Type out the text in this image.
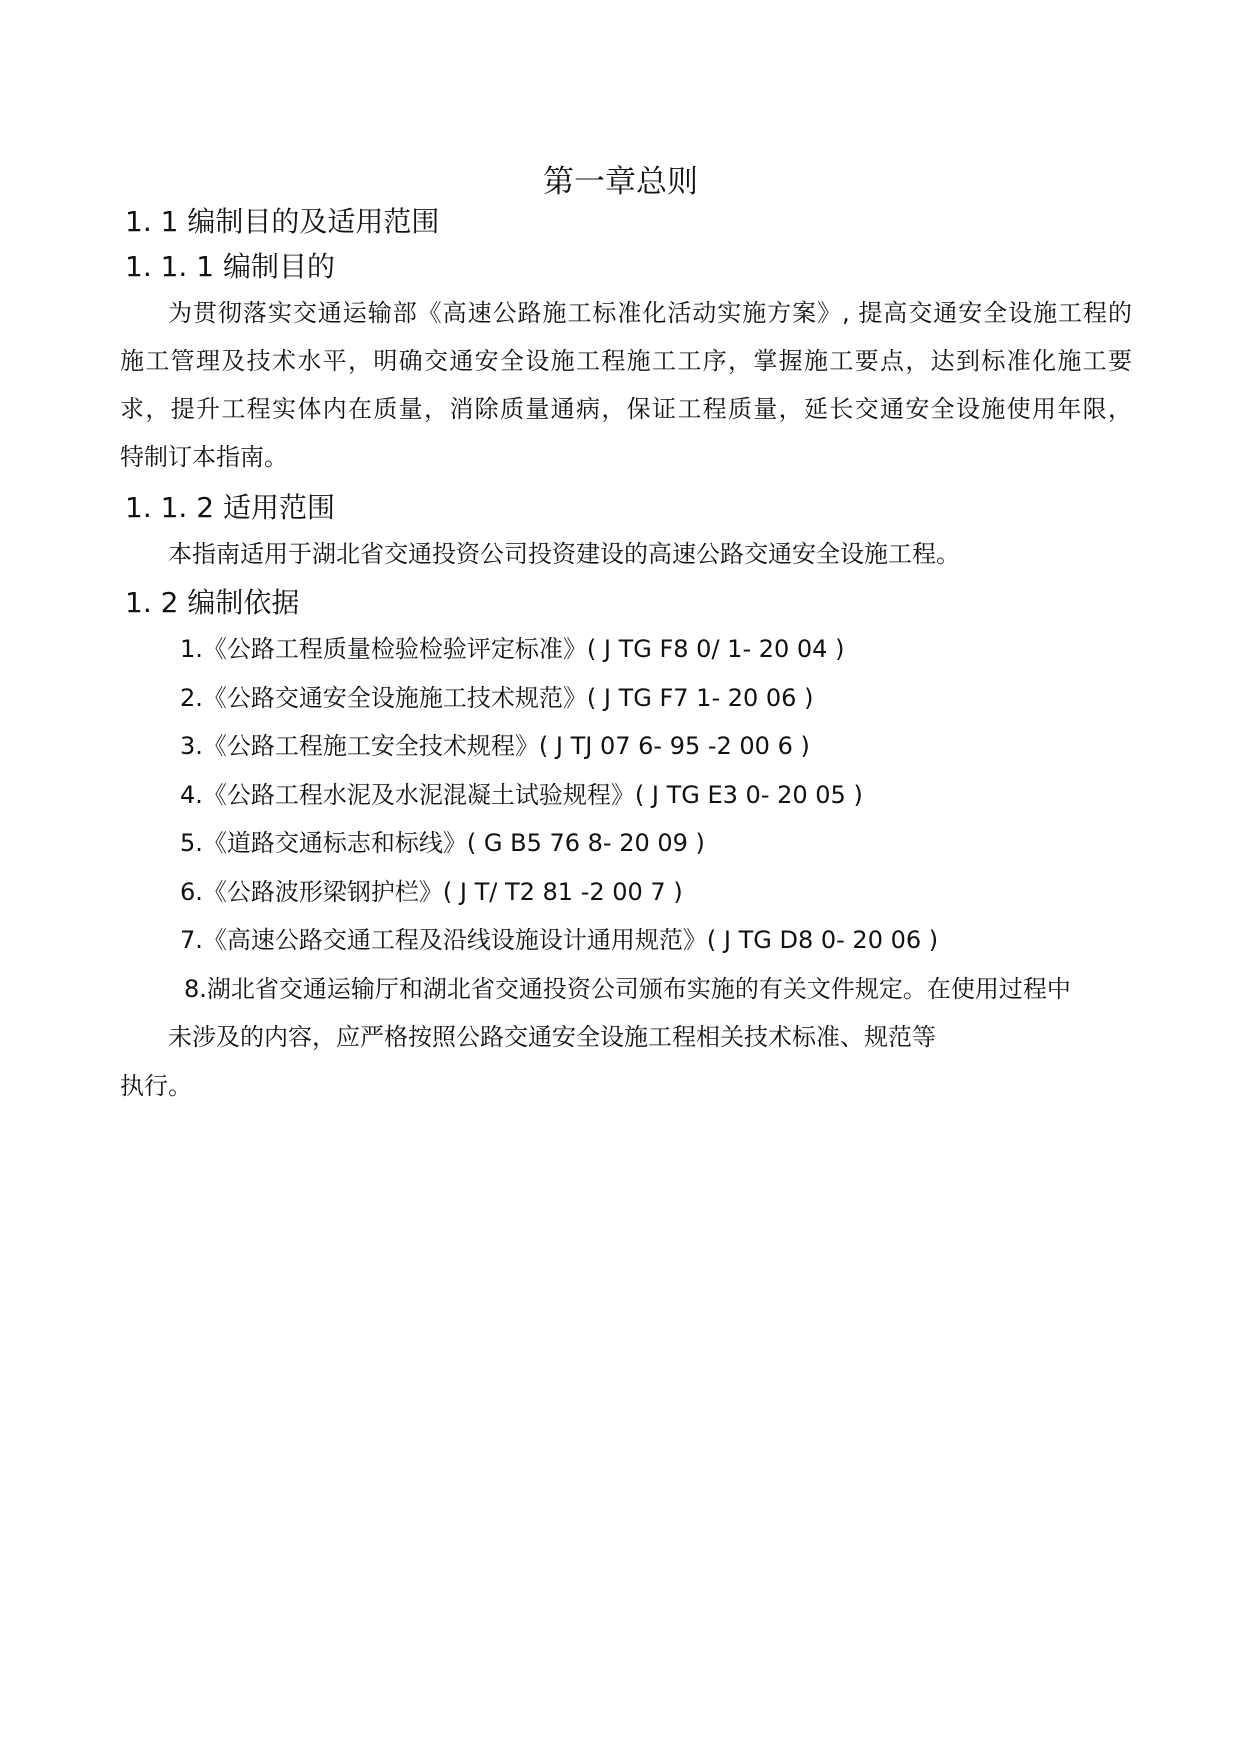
第一章总则
1. 1 编制目的及适用范围
1. 1. 1 编制目的
为贯彻落实交通运输部《高速公路施工标准化活动实施方案》, 提高交通安全设施工程的
施工管理及技术水平，明确交通安全设施工程施工工序，掌握施工要点，达到标准化施工要
求，提升工程实体内在质量，消除质量通病，保证工程质量，延长交通安全设施使用年限，
特制订本指南。
1. 1. 2 适用范围
本指南适用于湖北省交通投资公司投资建设的高速公路交通安全设施工程。
1. 2 编制依据
1.《公路工程质量检验检验评定标准》( J TG F8 0/ 1- 20 04 )
2.《公路交通安全设施施工技术规范》( J TG F7 1- 20 06 )
3.《公路工程施工安全技术规程》( J TJ 07 6- 95 -2 00 6 )
4.《公路工程水泥及水泥混凝土试验规程》( J TG E3 0- 20 05 )
5.《道路交通标志和标线》( G B5 76 8- 20 09 )
6.《公路波形梁钢护栏》( J T/ T2 81 -2 00 7 )
7.《高速公路交通工程及沿线设施设计通用规范》( J TG D8 0- 20 06 )
8.湖北省交通运输厅和湖北省交通投资公司颁布实施的有关文件规定。在使用过程中
未涉及的内容，应严格按照公路交通安全设施工程相关技术标准、规范等
执行。
